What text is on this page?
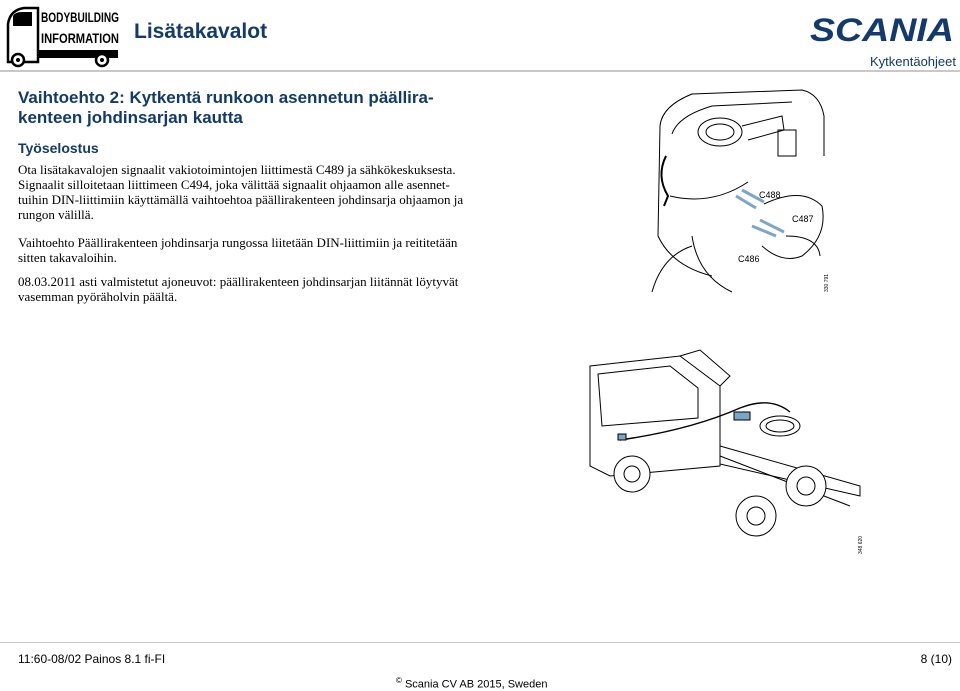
BODYBUILDING
INFORMATION Lisätakavalot	SCANIA
Kytkentäohjeet
Vaihtoehto 2: Kytkentä runkoon asennetun päällira- kenteen johdinsarjan kautta
Työselostus

Ota lisätakavalojen signaalit vakiotoimintojen liittimestä C489 ja sähkökeskuksesta. Signaalit silloitetaan liittimeen C494, joka välittää signaalit ohjaamon alle asennet- tuihin DIN-liittimiin käyttämällä vaihtoehtoa päällirakenteen johdinsarja ohjaamon ja rungon välillä.

Vaihtoehto Päällirakenteen johdinsarja rungossa liitetään DIN-liittimiin ja reititetään sitten takavaloihin.

08.03.2011 asti valmistetut ajoneuvot: päällirakenteen johdinsarjan liitännät löytyvät vasemman pyöräholvin päältä.

C488
C487
C486
330 791
348 620
11:60-08/02 Painos 8.1 fi-FI	8 (10)
© Scania CV AB 2015, Sweden
